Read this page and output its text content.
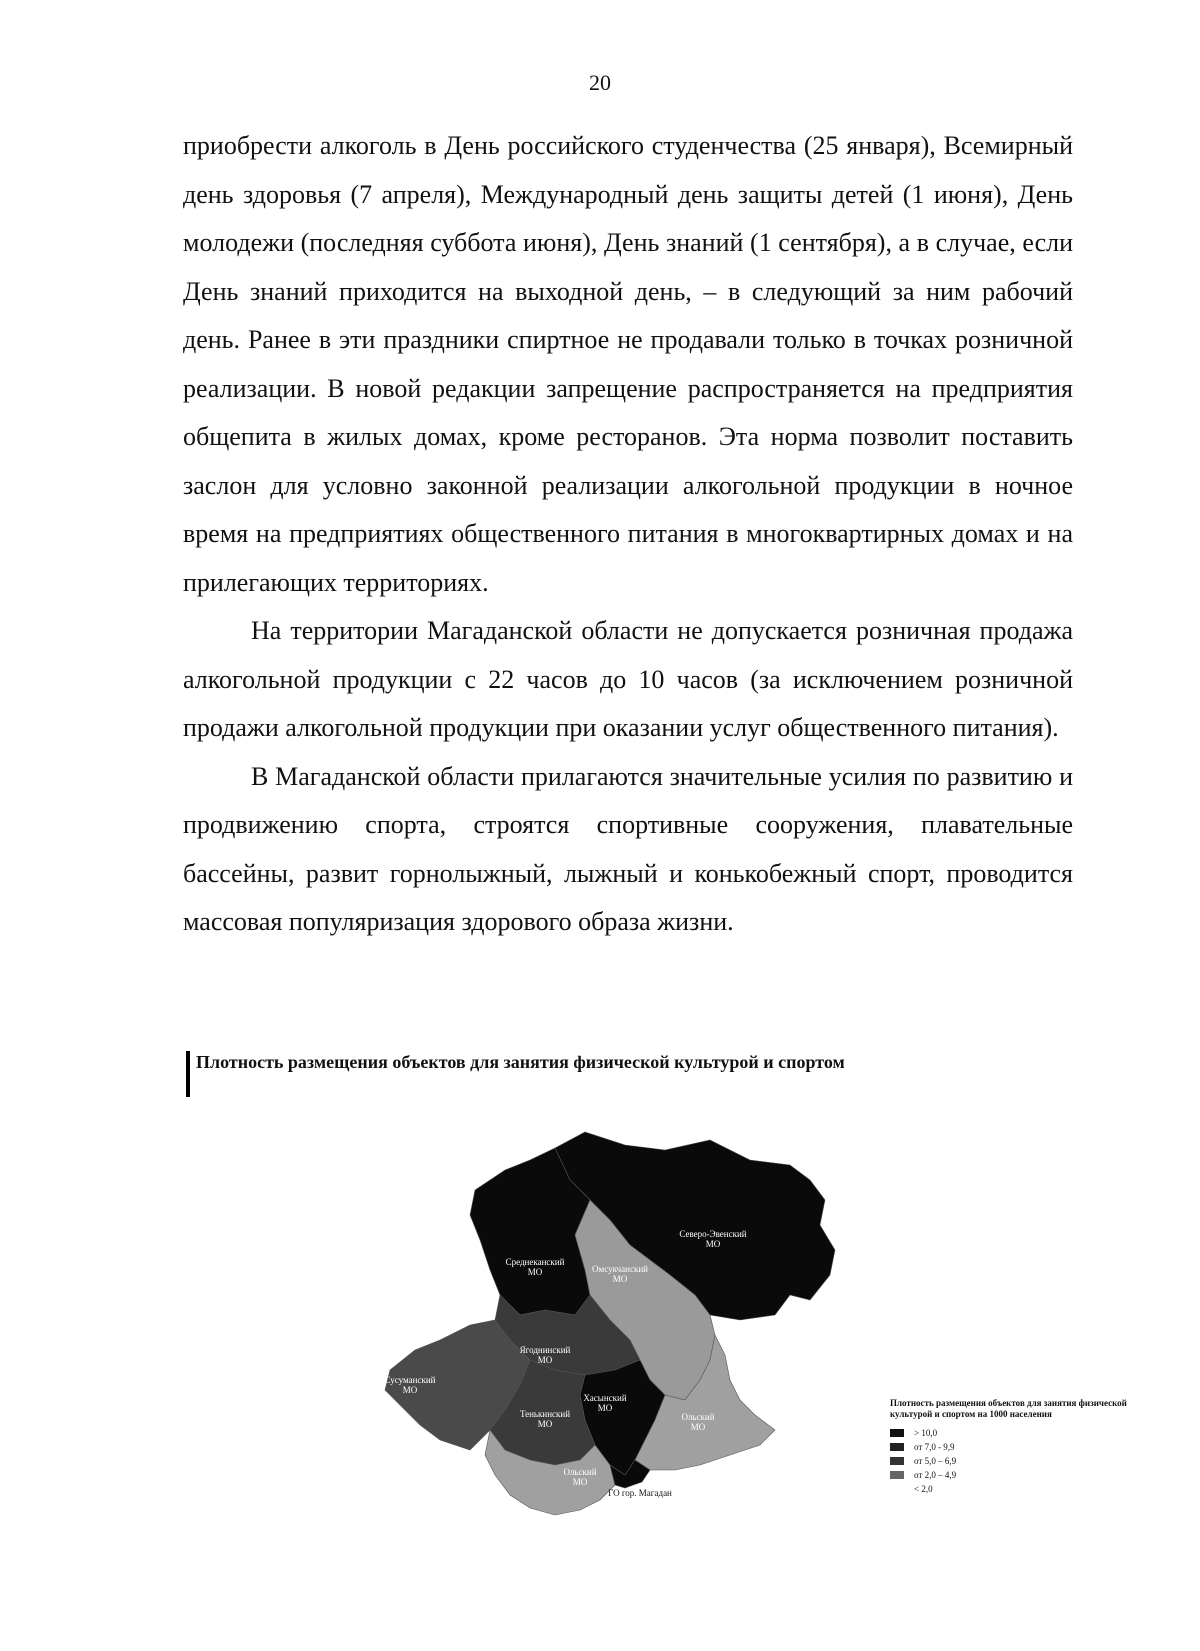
20

приобрести алкоголь в День российского студенчества (25 января), Всемирный день здоровья (7 апреля), Международный день защиты детей (1 июня), День молодежи (последняя суббота июня), День знаний (1 сентября), а в случае, если День знаний приходится на выходной день, – в следующий за ним рабочий день. Ранее в эти праздники спиртное не продавали только в точках розничной реализации. В новой редакции запрещение распространяется на предприятия общепита в жилых домах, кроме ресторанов. Эта норма позволит поставить заслон для условно законной реализации алкогольной продукции в ночное время на предприятиях общественного питания в многоквартирных домах и на прилегающих территориях.

На территории Магаданской области не допускается розничная продажа алкогольной продукции с 22 часов до 10 часов (за исключением розничной продажи алкогольной продукции при оказании услуг общественного питания).

В Магаданской области прилагаются значительные усилия по развитию и продвижению спорта, строятся спортивные сооружения, плавательные бассейны, развит горнолыжный, лыжный и конькобежный спорт, проводится массовая популяризация здорового образа жизни.

Плотность размещения объектов для занятия физической культурой и спортом
Северо-Эвенский
МО
Среднеканский
МО	Омсукчанский
МО
Ягоднинский
МО
Сусуманский
МО
Хасынский
МО
Тенькинский
МО
Ольский
МО
Ольский
МО
ГО гор. Магадан
Плотность размещения объектов для занятия физической культурой и спортом на 1000 населения
> 10,0
от 7,0 - 9,9
от 5,0 – 6,9
от 2,0 – 4,9
< 2,0
